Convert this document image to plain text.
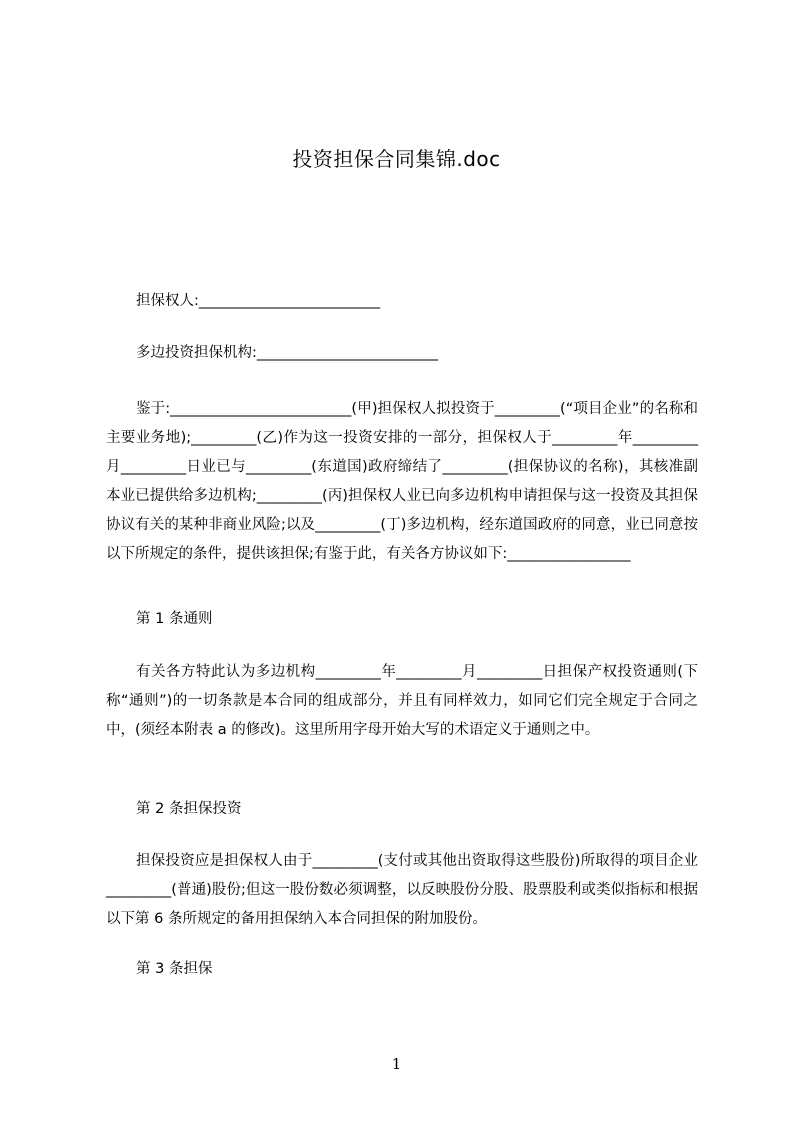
投资担保合同集锦.doc

担保权人:_________________________

多边投资担保机构:_________________________

鉴于:_________________________(甲)担保权人拟投资于_________(“项目企业”的名称和主要业务地);_________(乙)作为这一投资安排的一部分，担保权人于_________年_________月_________日业已与_________(东道国)政府缔结了_________(担保协议的名称)，其核准副本业已提供给多边机构;_________(丙)担保权人业已向多边机构申请担保与这一投资及其担保协议有关的某种非商业风险;以及_________(丁)多边机构，经东道国政府的同意，业已同意按以下所规定的条件，提供该担保;有鉴于此，有关各方协议如下:_________________

第 1 条通则

有关各方特此认为多边机构_________年_________月_________日担保产权投资通则(下称“通则”)的一切条款是本合同的组成部分，并且有同样效力，如同它们完全规定于合同之中，(须经本附表 a 的修改)。这里所用字母开始大写的术语定义于通则之中。

第 2 条担保投资

担保投资应是担保权人由于_________(支付或其他出资取得这些股份)所取得的项目企业_________(普通)股份;但这一股份数必须调整，以反映股份分股、股票股利或类似指标和根据以下第 6 条所规定的备用担保纳入本合同担保的附加股份。

第 3 条担保

1
